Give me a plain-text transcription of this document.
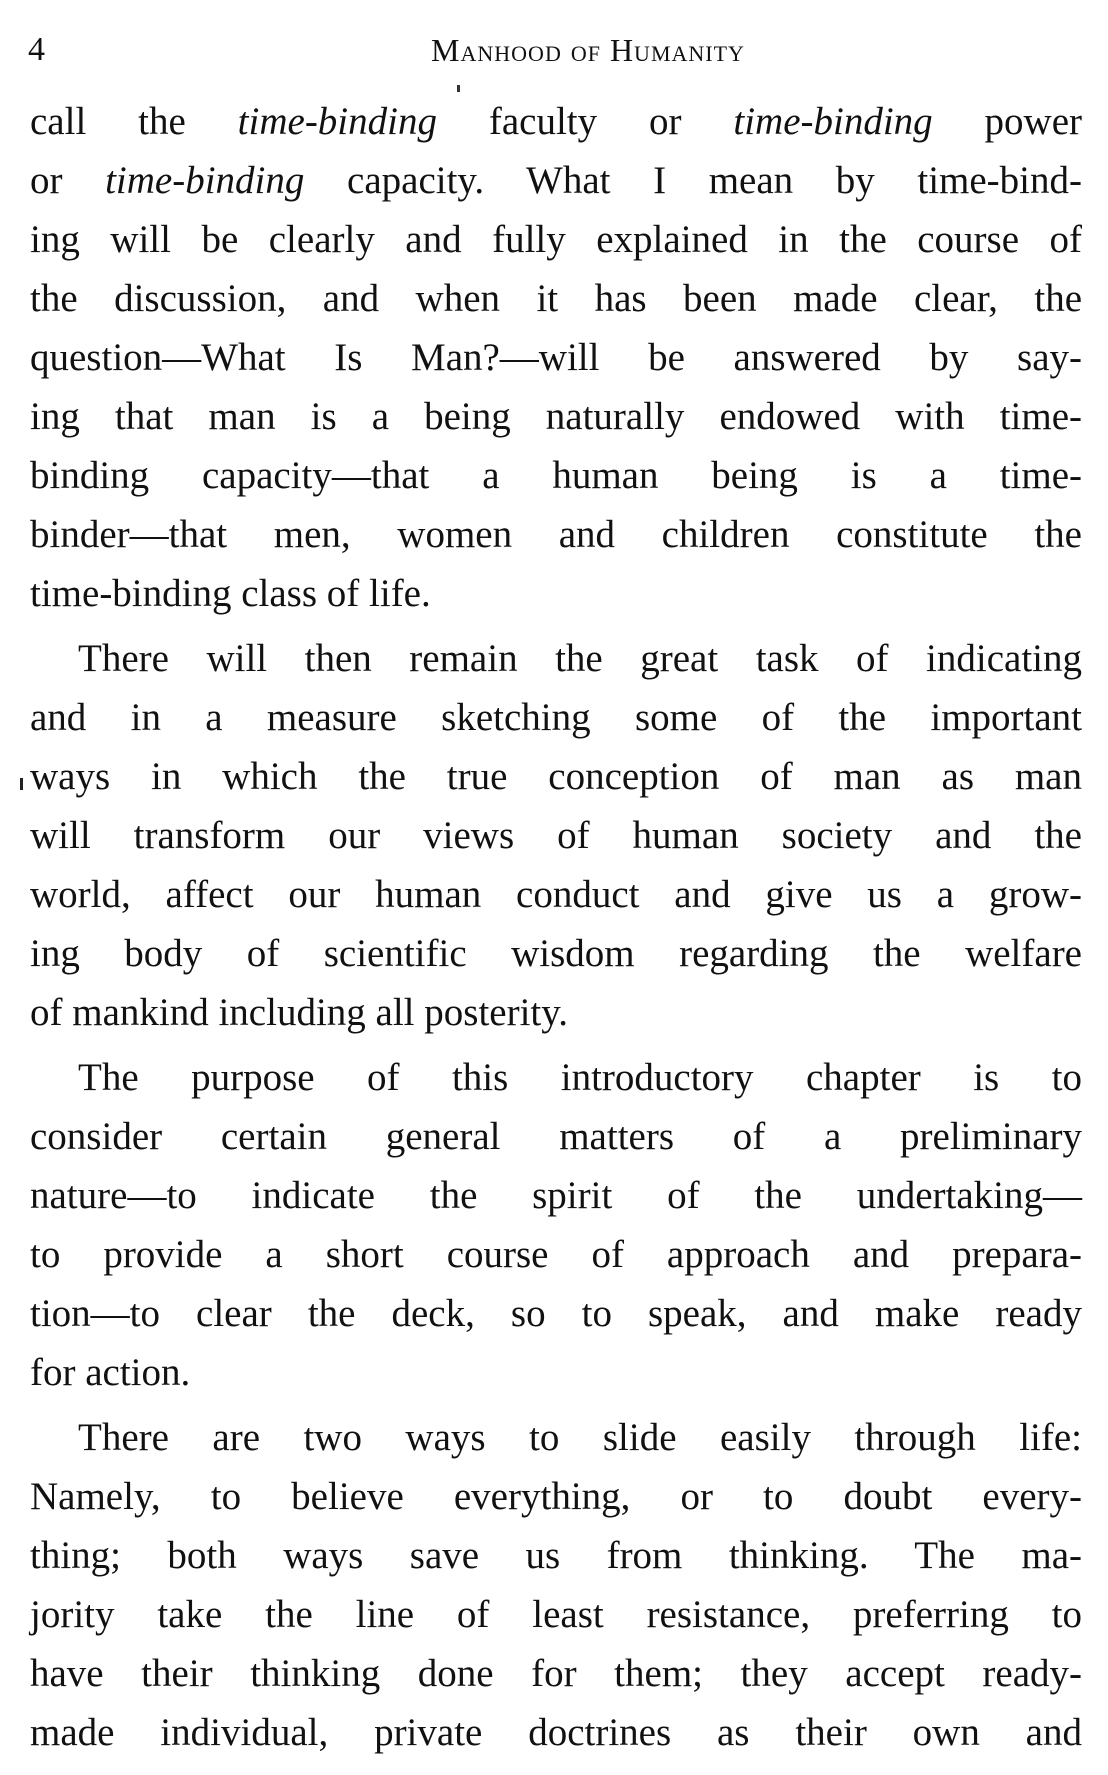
4	Manhood of Humanity
call the time-binding faculty or time-binding power
or time-binding capacity. What I mean by time-bind-
ing will be clearly and fully explained in the course of
the discussion, and when it has been made clear, the
question—What Is Man?—will be answered by say-
ing that man is a being naturally endowed with time-
binding capacity—that a human being is a time-
binder—that men, women and children constitute the
time-binding class of life.
There will then remain the great task of indicating
and in a measure sketching some of the important
ways in which the true conception of man as man
will transform our views of human society and the
world, affect our human conduct and give us a grow-
ing body of scientific wisdom regarding the welfare
of mankind including all posterity.
The purpose of this introductory chapter is to
consider certain general matters of a preliminary
nature—to indicate the spirit of the undertaking—
to provide a short course of approach and prepara-
tion—to clear the deck, so to speak, and make ready
for action.
There are two ways to slide easily through life:
Namely, to believe everything, or to doubt every-
thing; both ways save us from thinking. The ma-
jority take the line of least resistance, preferring to
have their thinking done for them; they accept ready-
made individual, private doctrines as their own and
